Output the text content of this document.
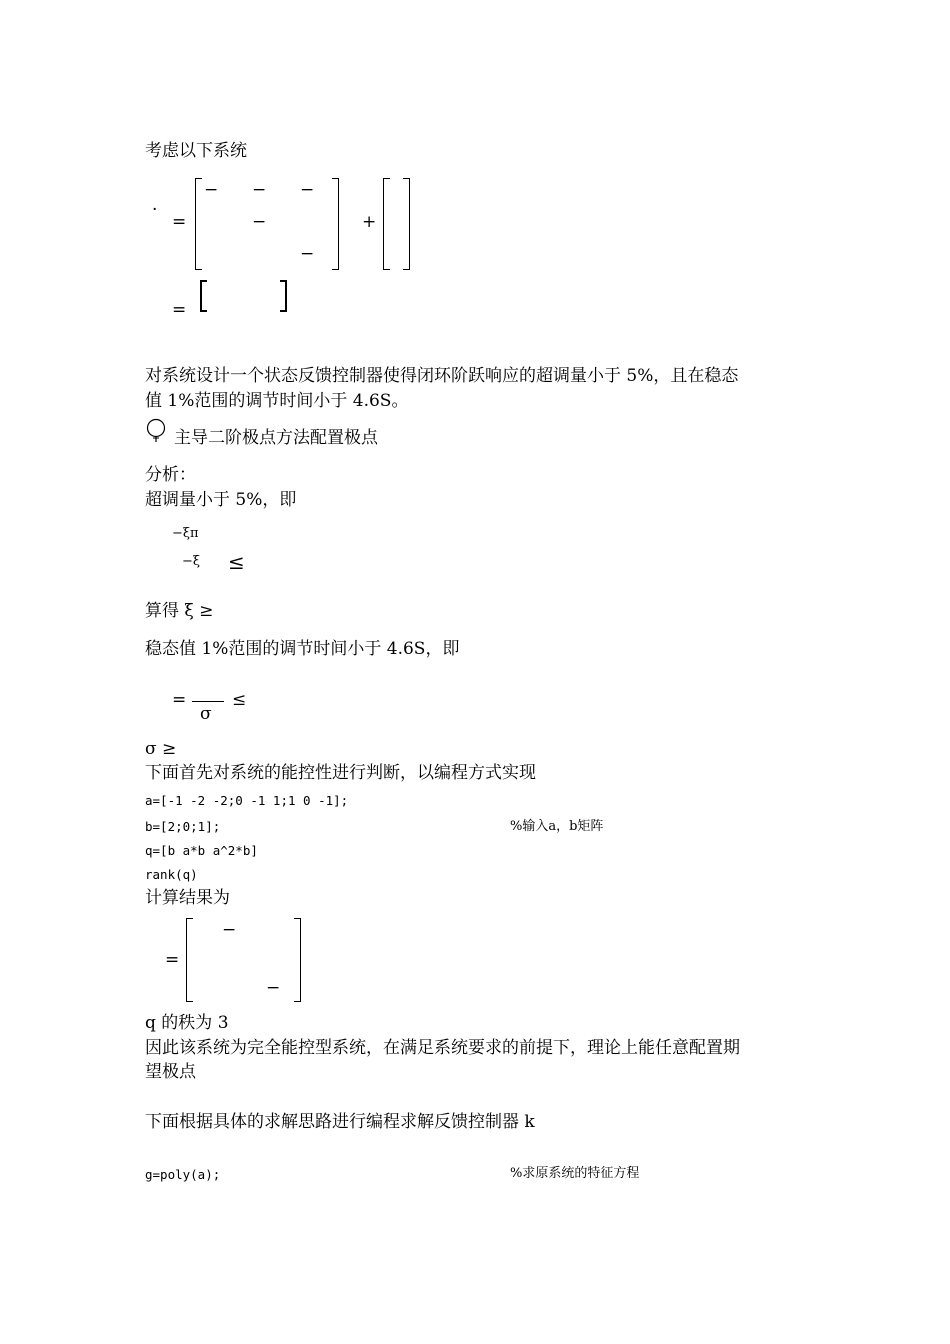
考虑以下系统
·
=
− − −
−
−
+
=
对系统设计一个状态反馈控制器使得闭环阶跃响应的超调量小于 5%，且在稳态
值 1%范围的调节时间小于 4.6S。
主导二阶极点方法配置极点
分析：
超调量小于 5%，即
−ξπ
−ξ ≤
算得 ξ ≥
稳态值 1%范围的调节时间小于 4.6S，即
=
σ
≤
σ ≥
下面首先对系统的能控性进行判断，以编程方式实现
a=[-1 -2 -2;0 -1 1;1 0 -1];
b=[2;0;1];	%输入a，b矩阵
q=[b a*b a^2*b]
rank(q)
计算结果为
=
−
−
q 的秩为 3
因此该系统为完全能控型系统，在满足系统要求的前提下，理论上能任意配置期
望极点
下面根据具体的求解思路进行编程求解反馈控制器 k
g=poly(a);	%求原系统的特征方程
